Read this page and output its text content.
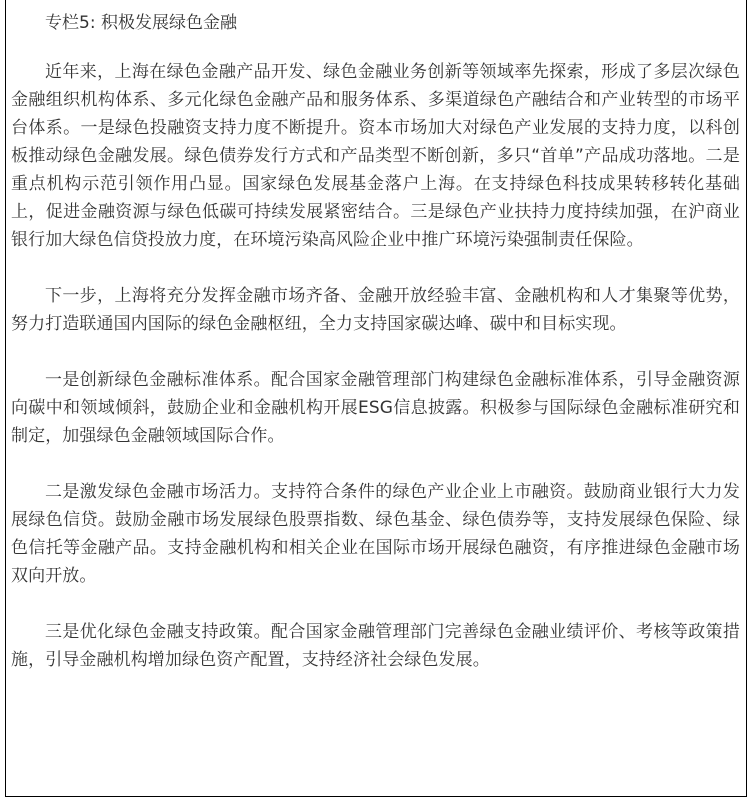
专栏5: 积极发展绿色金融

近年来，上海在绿色金融产品开发、绿色金融业务创新等领域率先探索，形成了多层次绿色金融组织机构体系、多元化绿色金融产品和服务体系、多渠道绿色产融结合和产业转型的市场平台体系。一是绿色投融资支持力度不断提升。资本市场加大对绿色产业发展的支持力度，以科创板推动绿色金融发展。绿色债券发行方式和产品类型不断创新，多只“首单”产品成功落地。二是重点机构示范引领作用凸显。国家绿色发展基金落户上海。在支持绿色科技成果转移转化基础上，促进金融资源与绿色低碳可持续发展紧密结合。三是绿色产业扶持力度持续加强，在沪商业银行加大绿色信贷投放力度，在环境污染高风险企业中推广环境污染强制责任保险。

下一步，上海将充分发挥金融市场齐备、金融开放经验丰富、金融机构和人才集聚等优势，努力打造联通国内国际的绿色金融枢纽，全力支持国家碳达峰、碳中和目标实现。

一是创新绿色金融标准体系。配合国家金融管理部门构建绿色金融标准体系，引导金融资源向碳中和领域倾斜，鼓励企业和金融机构开展ESG信息披露。积极参与国际绿色金融标准研究和制定，加强绿色金融领域国际合作。

二是激发绿色金融市场活力。支持符合条件的绿色产业企业上市融资。鼓励商业银行大力发展绿色信贷。鼓励金融市场发展绿色股票指数、绿色基金、绿色债券等，支持发展绿色保险、绿色信托等金融产品。支持金融机构和相关企业在国际市场开展绿色融资，有序推进绿色金融市场双向开放。

三是优化绿色金融支持政策。配合国家金融管理部门完善绿色金融业绩评价、考核等政策措施，引导金融机构增加绿色资产配置，支持经济社会绿色发展。
